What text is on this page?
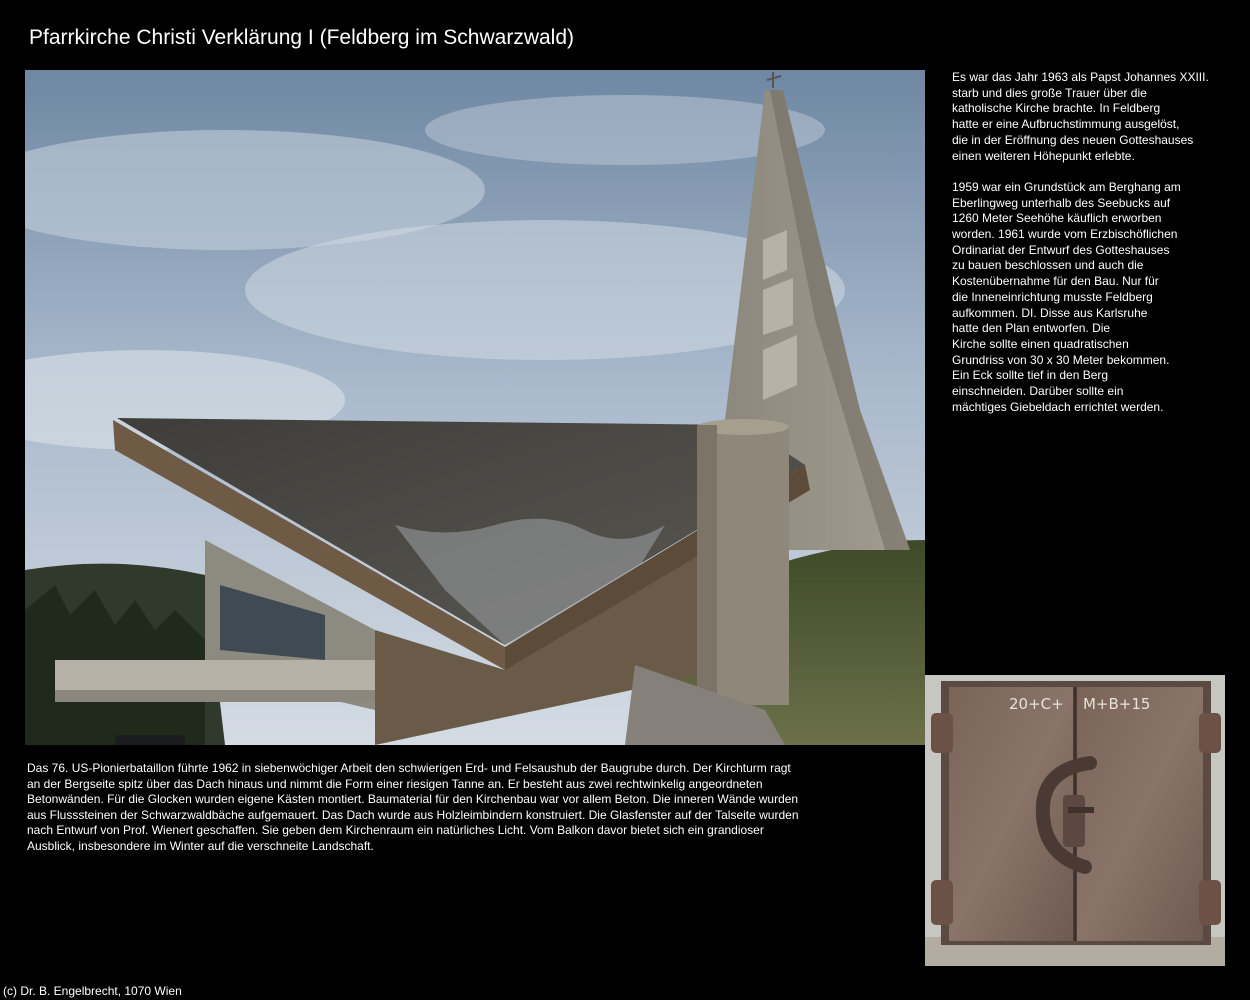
Pfarrkirche Christi Verklärung I (Feldberg im Schwarzwald)

Es war das Jahr 1963 als Papst Johannes XXIII.
starb und dies große Trauer über die
katholische Kirche brachte. In Feldberg
hatte er eine Aufbruchstimmung ausgelöst,
die in der Eröffnung des neuen Gotteshauses
einen weiteren Höhepunkt erlebte.

1959 war ein Grundstück am Berghang am
Eberlingweg unterhalb des Seebucks auf
1260 Meter Seehöhe käuflich erworben
worden. 1961 wurde vom Erzbischöflichen
Ordinariat der Entwurf des Gotteshauses
zu bauen beschlossen und auch die
Kostenübernahme für den Bau. Nur für
die Inneneinrichtung musste Feldberg
aufkommen. DI. Disse aus Karlsruhe
hatte den Plan entworfen. Die
Kirche sollte einen quadratischen
Grundriss von 30 x 30 Meter bekommen.
Ein Eck sollte tief in den Berg
einschneiden. Darüber sollte ein
mächtiges Giebeldach errichtet werden.

Das 76. US-Pionierbataillon führte 1962 in siebenwöchiger Arbeit den schwierigen Erd- und Felsaushub der Baugrube durch. Der Kirchturm ragt
an der Bergseite spitz über das Dach hinaus und nimmt die Form einer riesigen Tanne an. Er besteht aus zwei rechtwinkelig angeordneten
Betonwänden. Für die Glocken wurden eigene Kästen montiert. Baumaterial für den Kirchenbau war vor allem Beton. Die inneren Wände wurden
aus Flusssteinen der Schwarzwaldbäche aufgemauert. Das Dach wurde aus Holzleimbindern konstruiert. Die Glasfenster auf der Talseite wurden
nach Entwurf von Prof. Wienert geschaffen. Sie geben dem Kirchenraum ein natürliches Licht. Vom Balkon davor bietet sich ein grandioser
Ausblick, insbesondere im Winter auf die verschneite Landschaft.
20+C+ M+B+15
(c) Dr. B. Engelbrecht, 1070 Wien
